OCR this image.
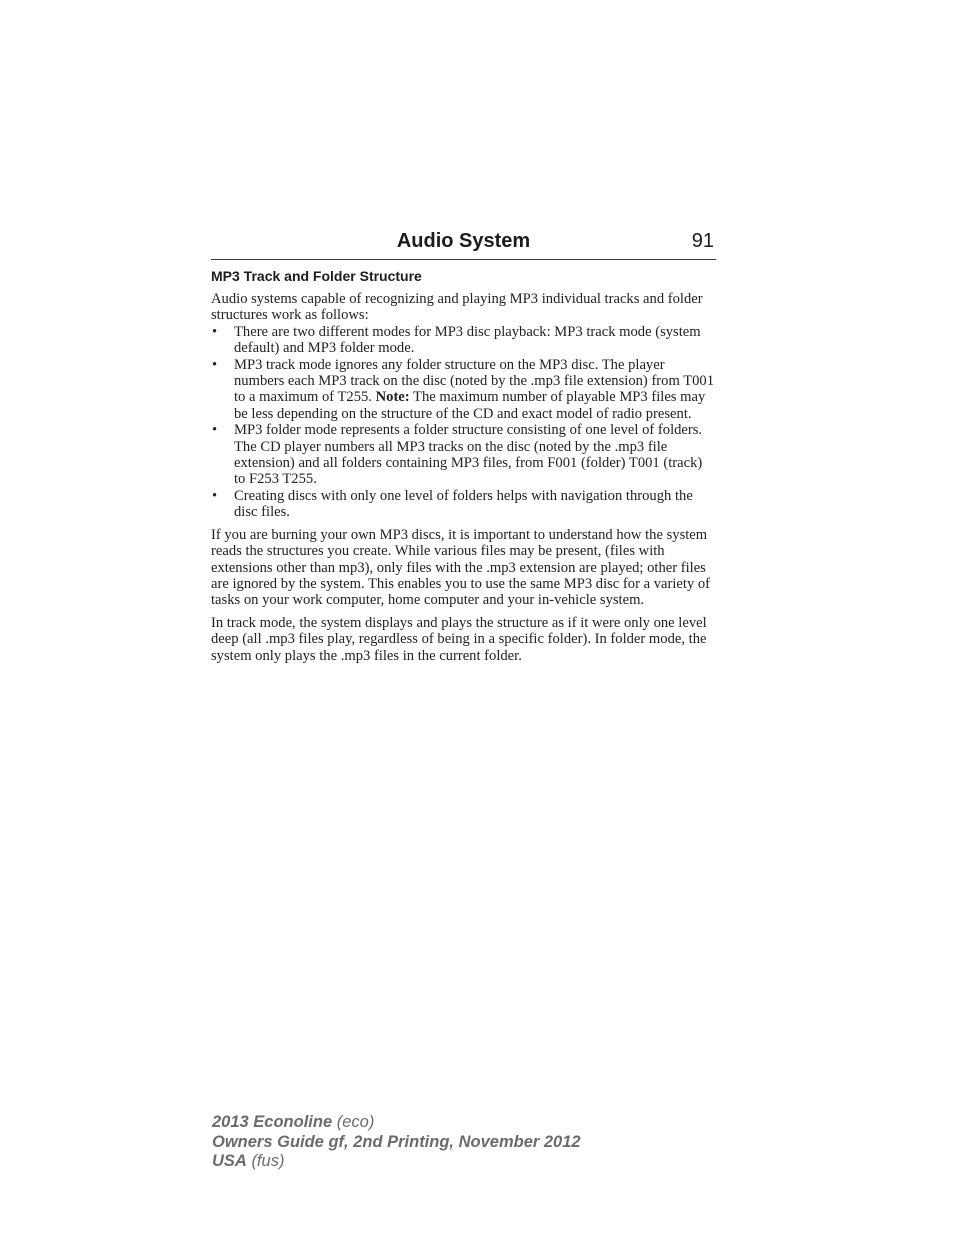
Audio System	91
MP3 Track and Folder Structure

Audio systems capable of recognizing and playing MP3 individual tracks and folder structures work as follows:

• There are two different modes for MP3 disc playback: MP3 track mode (system default) and MP3 folder mode.
• MP3 track mode ignores any folder structure on the MP3 disc. The player numbers each MP3 track on the disc (noted by the .mp3 file extension) from T001 to a maximum of T255. Note: The maximum number of playable MP3 files may be less depending on the structure of the CD and exact model of radio present.
• MP3 folder mode represents a folder structure consisting of one level of folders. The CD player numbers all MP3 tracks on the disc (noted by the .mp3 file extension) and all folders containing MP3 files, from F001 (folder) T001 (track) to F253 T255.
• Creating discs with only one level of folders helps with navigation through the disc files.

If you are burning your own MP3 discs, it is important to understand how the system reads the structures you create. While various files may be present, (files with extensions other than mp3), only files with the .mp3 extension are played; other files are ignored by the system. This enables you to use the same MP3 disc for a variety of tasks on your work computer, home computer and your in-vehicle system.

In track mode, the system displays and plays the structure as if it were only one level deep (all .mp3 files play, regardless of being in a specific folder). In folder mode, the system only plays the .mp3 files in the current folder.

2013 Econoline (eco)
Owners Guide gf, 2nd Printing, November 2012
USA (fus)
